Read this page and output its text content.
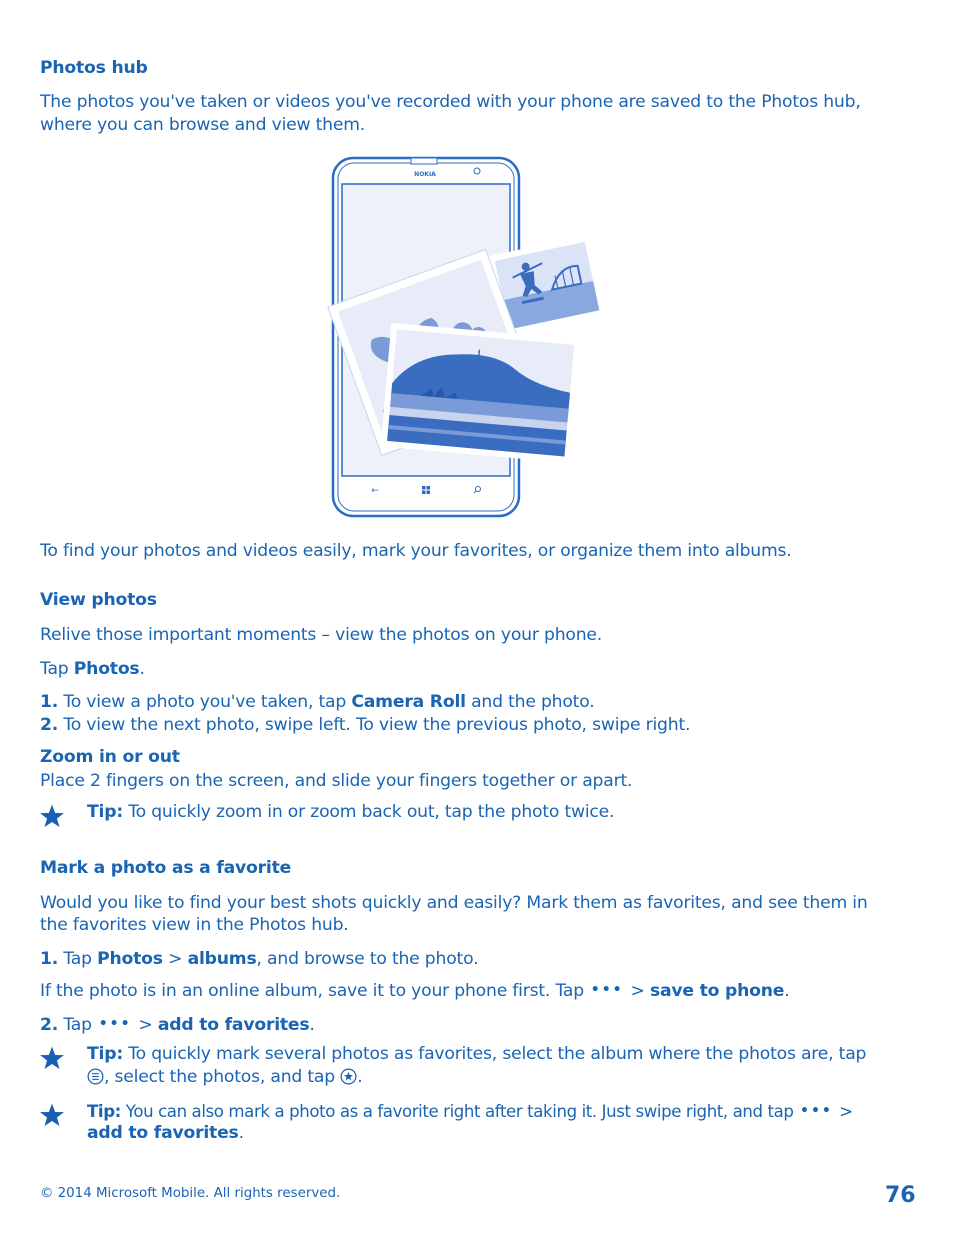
Photos hub
The photos you've taken or videos you've recorded with your phone are saved to the Photos hub,
where you can browse and view them.
NOKIA
←
To find your photos and videos easily, mark your favorites, or organize them into albums.
View photos
Relive those important moments – view the photos on your phone.
Tap Photos.
1. To view a photo you've taken, tap Camera Roll and the photo.
2. To view the next photo, swipe left. To view the previous photo, swipe right.
Zoom in or out
Place 2 fingers on the screen, and slide your fingers together or apart.
Tip: To quickly zoom in or zoom back out, tap the photo twice.
Mark a photo as a favorite
Would you like to find your best shots quickly and easily? Mark them as favorites, and see them in
the favorites view in the Photos hub.
1. Tap Photos > albums, and browse to the photo.
If the photo is in an online album, save it to your phone first. Tap ••• > save to phone.
2. Tap ••• > add to favorites.
Tip: To quickly mark several photos as favorites, select the album where the photos are, tap
, select the photos, and tap .
Tip: You can also mark a photo as a favorite right after taking it. Just swipe right, and tap ••• >
add to favorites.
© 2014 Microsoft Mobile. All rights reserved.	76
